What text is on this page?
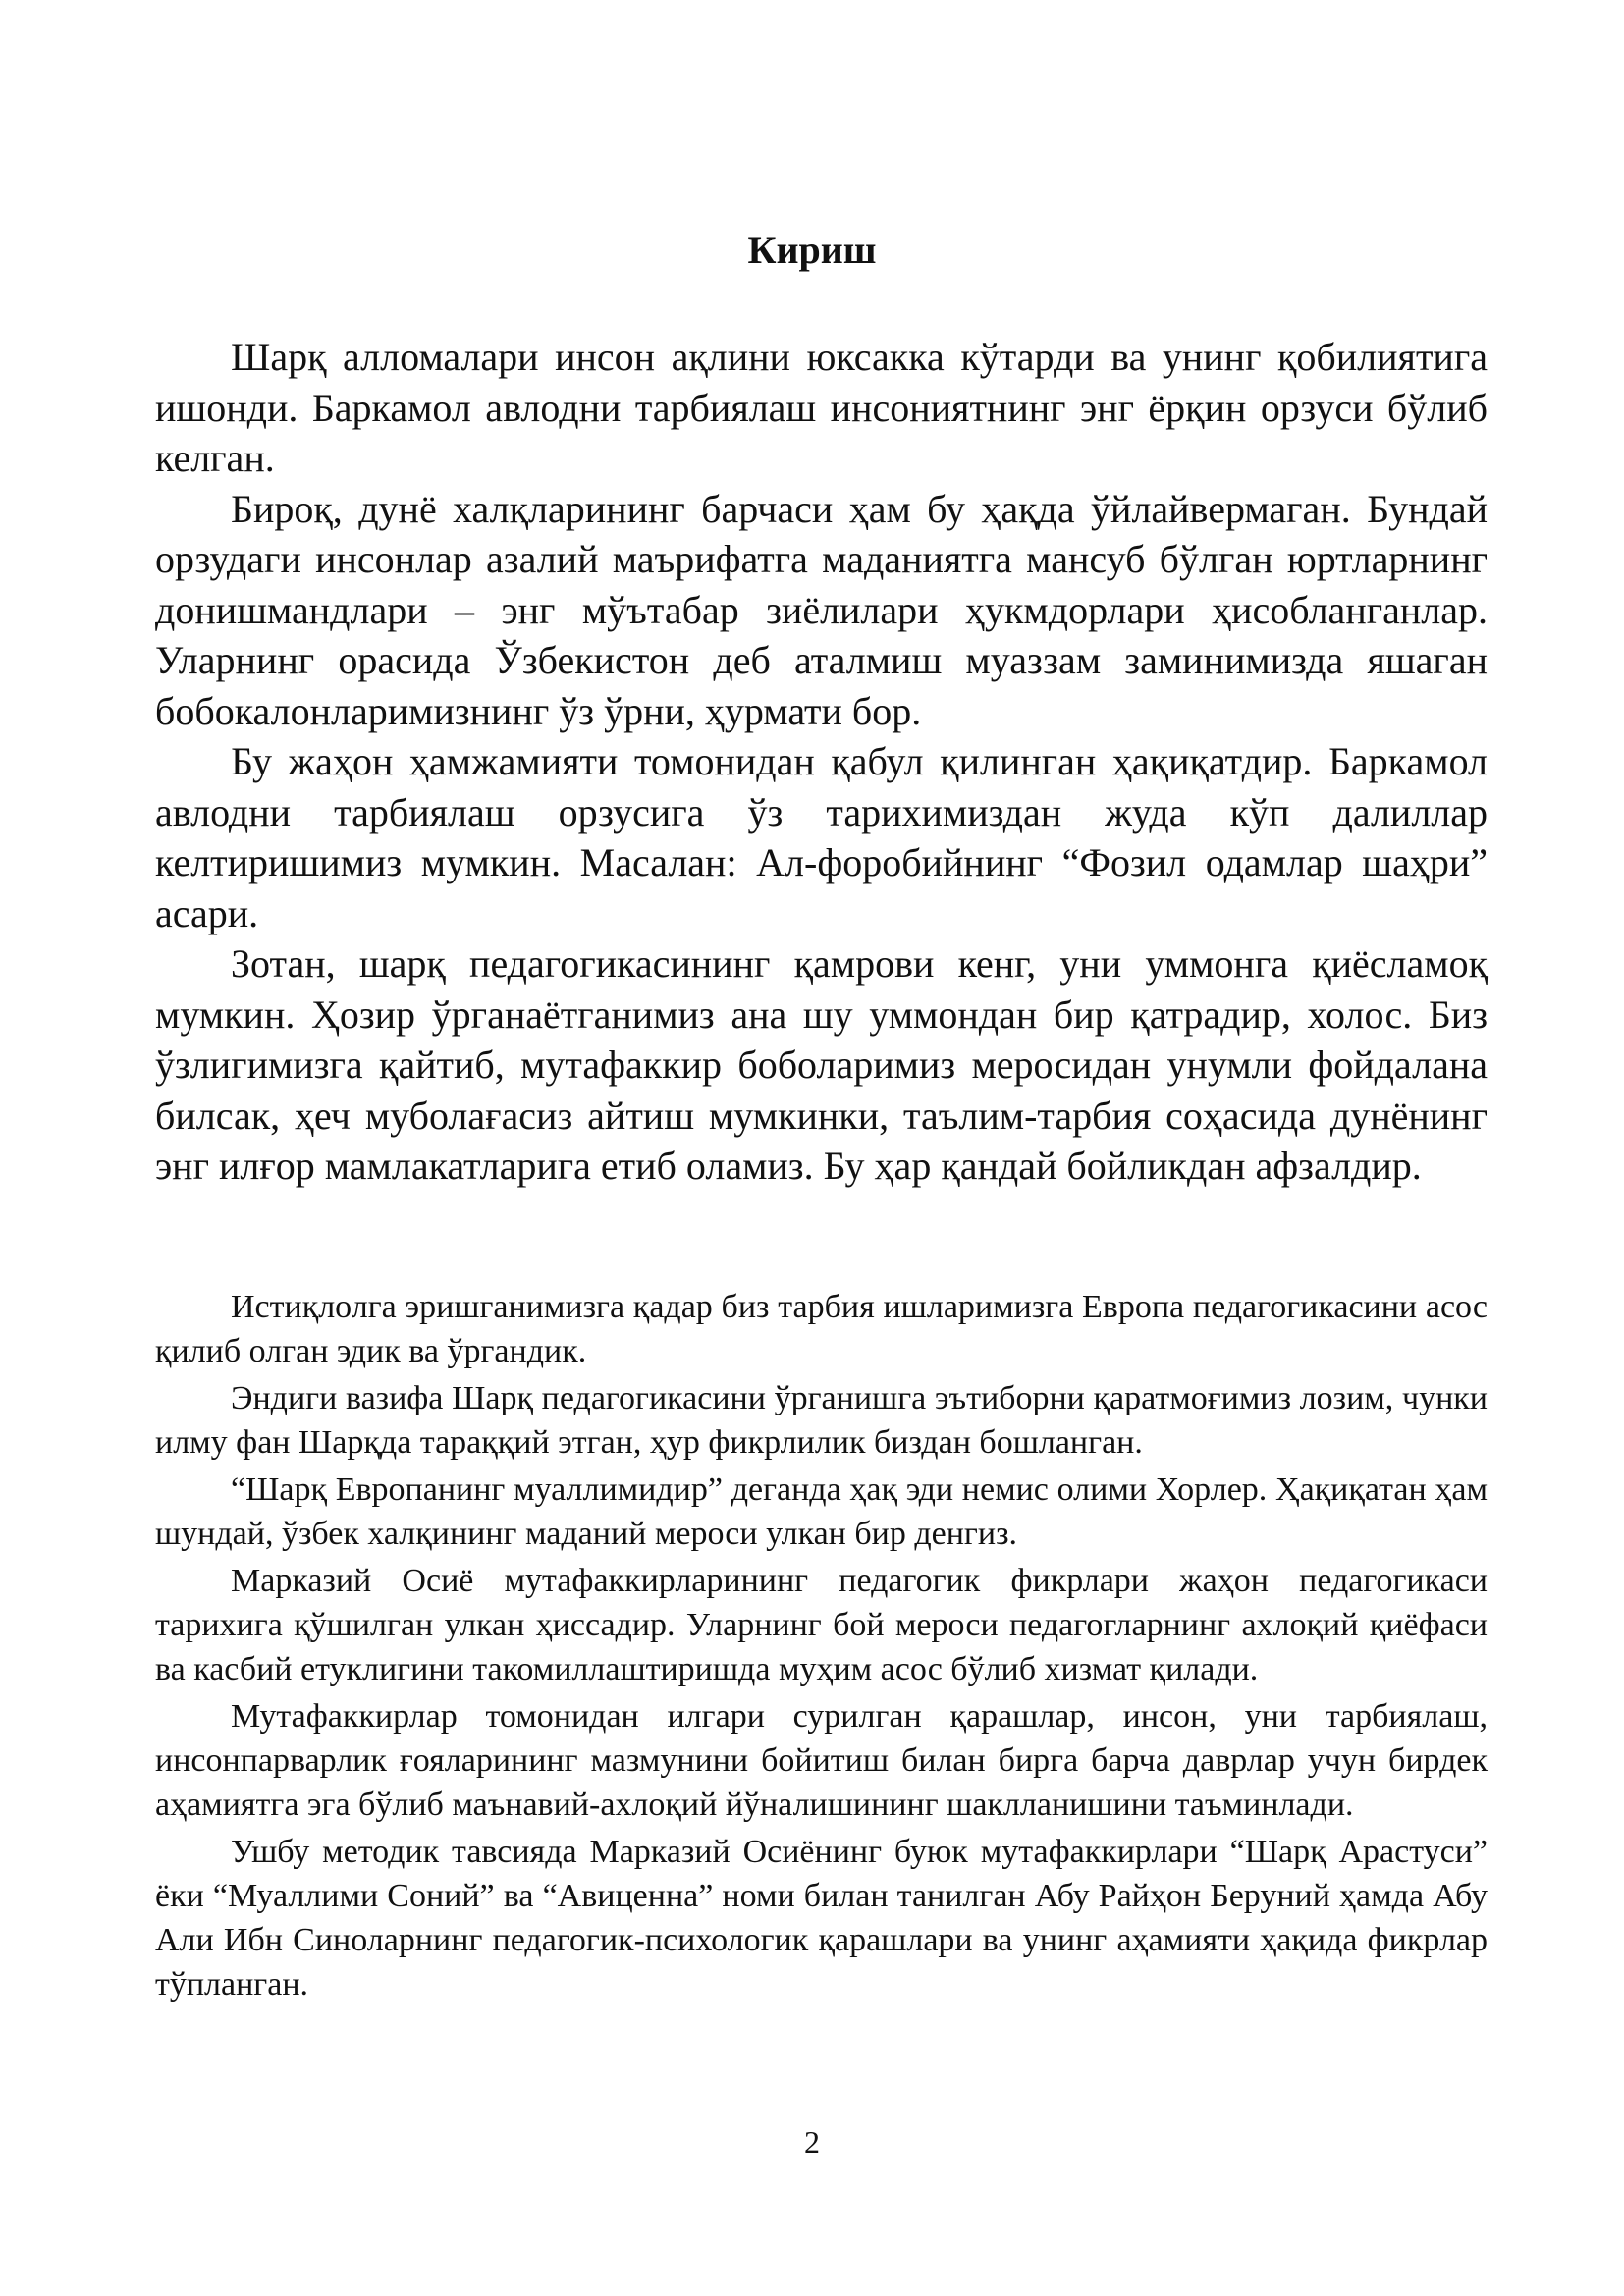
Кириш

Шарқ алломалари инсон ақлини юксакка кўтарди ва унинг қобилиятига ишонди. Баркамол авлодни тарбиялаш инсониятнинг энг ёрқин орзуси бўлиб келган.

Бироқ, дунё халқларининг барчаси ҳам бу ҳақда ўйлайвермаган. Бундай орзудаги инсонлар азалий маърифатга маданиятга мансуб бўлган юртларнинг донишмандлари – энг мўътабар зиёлилари ҳукмдорлари ҳисобланганлар. Уларнинг орасида Ўзбекистон деб аталмиш муаззам заминимизда яшаган бобокалонларимизнинг ўз ўрни, ҳурмати бор.

Бу жаҳон ҳамжамияти томонидан қабул қилинган ҳақиқатдир. Баркамол авлодни тарбиялаш орзусига ўз тарихимиздан жуда кўп далиллар келтиришимиз мумкин. Масалан: Ал-форобийнинг “Фозил одамлар шаҳри” асари.

Зотан, шарқ педагогикасининг қамрови кенг, уни уммонга қиёсламоқ мумкин. Ҳозир ўрганаётганимиз ана шу уммондан бир қатрадир, холос. Биз ўзлигимизга қайтиб, мутафаккир боболаримиз меросидан унумли фойдалана билсак, ҳеч муболағасиз айтиш мумкинки, таълим-тарбия соҳасида дунёнинг энг илғор мамлакатларига етиб оламиз. Бу ҳар қандай бойликдан афзалдир.

Истиқлолга эришганимизга қадар биз тарбия ишларимизга Европа педагогикасини асос қилиб олган эдик ва ўргандик.

Эндиги вазифа Шарқ педагогикасини ўрганишга эътиборни қаратмоғимиз лозим, чунки илму фан Шарқда тараққий этган, ҳур фикрлилик биздан бошланган.

“Шарқ Европанинг муаллимидир” деганда ҳақ эди немис олими Хорлер. Ҳақиқатан ҳам шундай, ўзбек халқининг маданий мероси улкан бир денгиз.

Марказий Осиё мутафаккирларининг педагогик фикрлари жаҳон педагогикаси тарихига қўшилган улкан ҳиссадир. Уларнинг бой мероси педагогларнинг ахлоқий қиёфаси ва касбий етуклигини такомиллаштиришда муҳим асос бўлиб хизмат қилади.

Мутафаккирлар томонидан илгари сурилган қарашлар, инсон, уни тарбиялаш, инсонпарварлик ғояларининг мазмунини бойитиш билан бирга барча даврлар учун бирдек аҳамиятга эга бўлиб маънавий-ахлоқий йўналишининг шаклланишини таъминлади.

Ушбу методик тавсияда Марказий Осиёнинг буюк мутафаккирлари “Шарқ Арастуси” ёки “Муаллими Соний” ва “Авиценна” номи билан танилган Абу Райҳон Беруний ҳамда Абу Али Ибн Синоларнинг педагогик-психологик қарашлари ва унинг аҳамияти ҳақида фикрлар тўпланган.

2
